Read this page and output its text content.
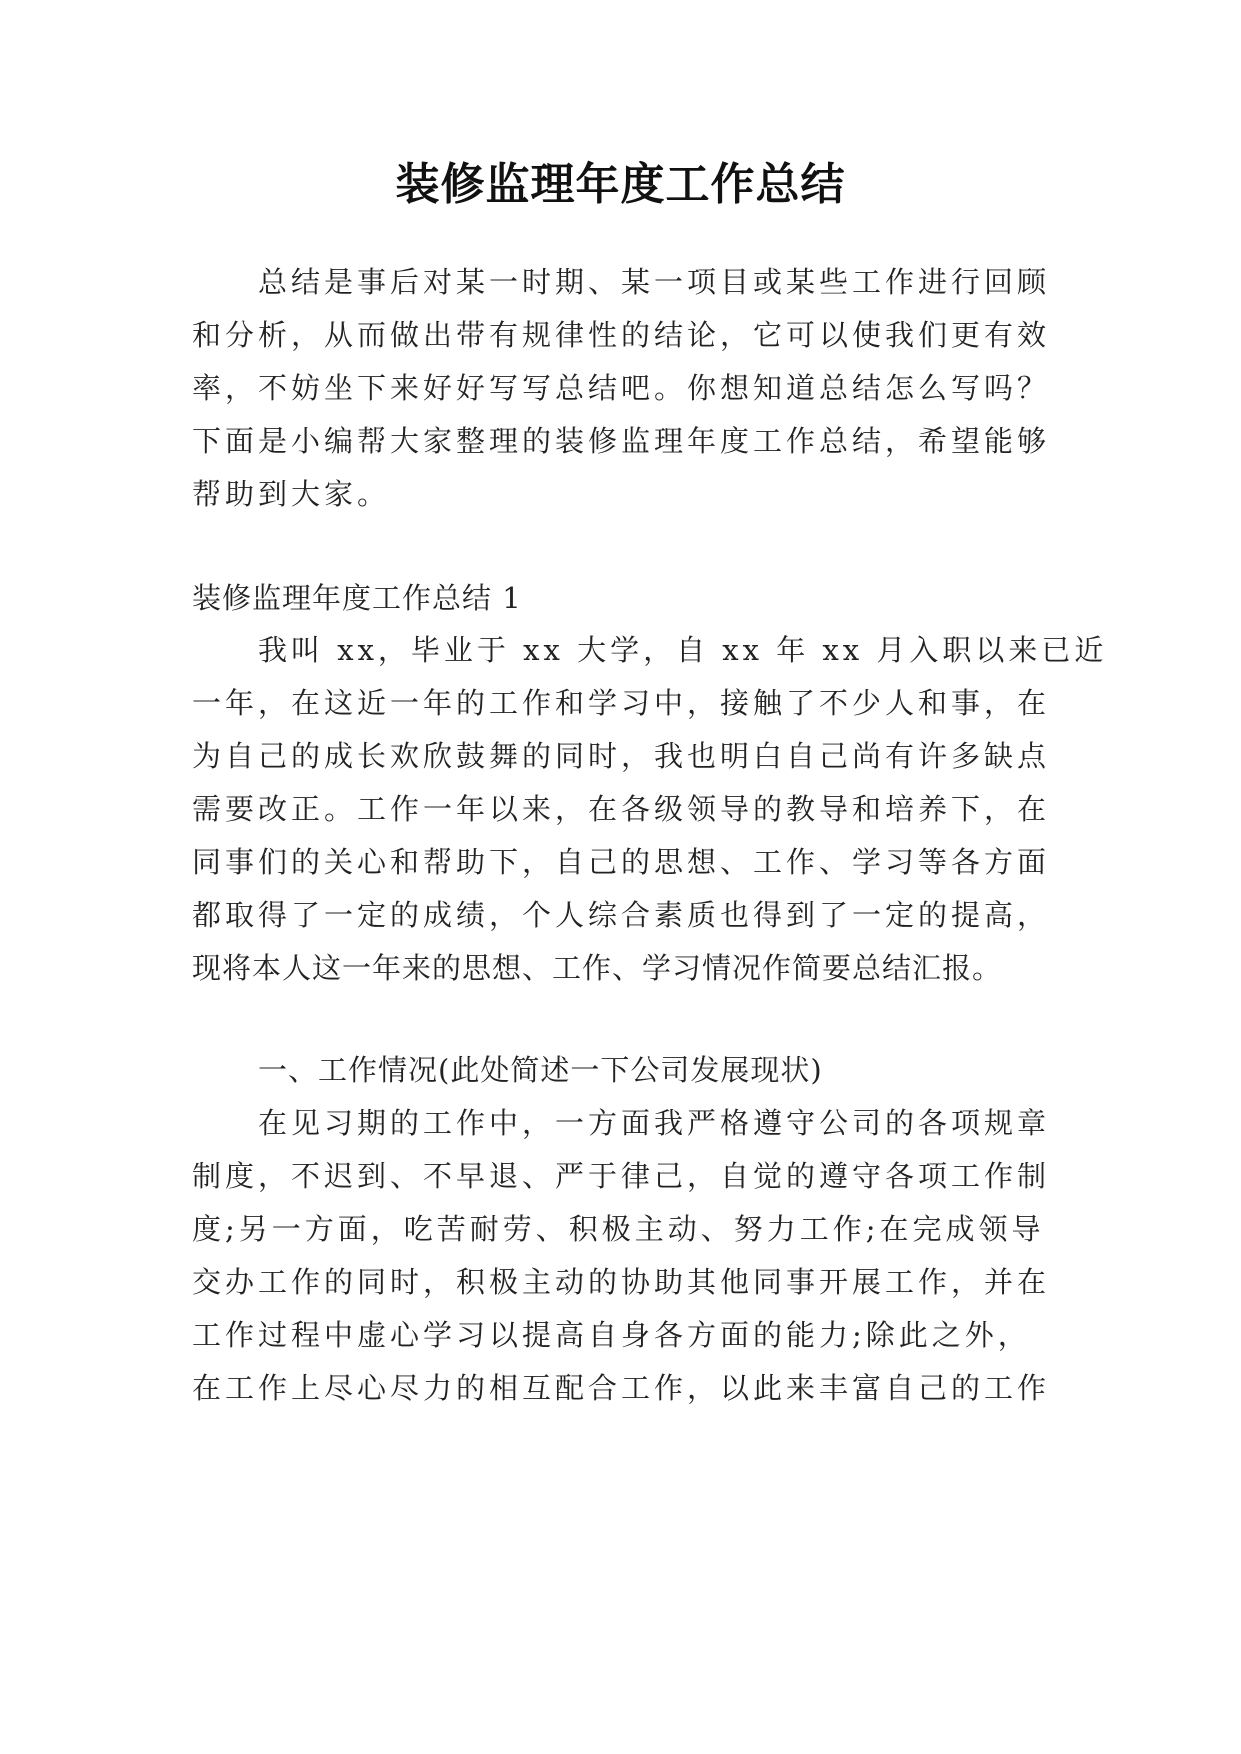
装修监理年度工作总结
总结是事后对某一时期、某一项目或某些工作进行回顾
和分析，从而做出带有规律性的结论，它可以使我们更有效
率，不妨坐下来好好写写总结吧。你想知道总结怎么写吗？
下面是小编帮大家整理的装修监理年度工作总结，希望能够
帮助到大家。
装修监理年度工作总结 1
我叫 xx，毕业于 xx 大学，自 xx 年 xx 月入职以来已近
一年，在这近一年的工作和学习中，接触了不少人和事，在
为自己的成长欢欣鼓舞的同时，我也明白自己尚有许多缺点
需要改正。工作一年以来，在各级领导的教导和培养下，在
同事们的关心和帮助下，自己的思想、工作、学习等各方面
都取得了一定的成绩，个人综合素质也得到了一定的提高，
现将本人这一年来的思想、工作、学习情况作简要总结汇报。
一、工作情况(此处简述一下公司发展现状)
在见习期的工作中，一方面我严格遵守公司的各项规章
制度，不迟到、不早退、严于律己，自觉的遵守各项工作制
度;另一方面，吃苦耐劳、积极主动、努力工作;在完成领导
交办工作的同时，积极主动的协助其他同事开展工作，并在
工作过程中虚心学习以提高自身各方面的能力;除此之外，
在工作上尽心尽力的相互配合工作，以此来丰富自己的工作
